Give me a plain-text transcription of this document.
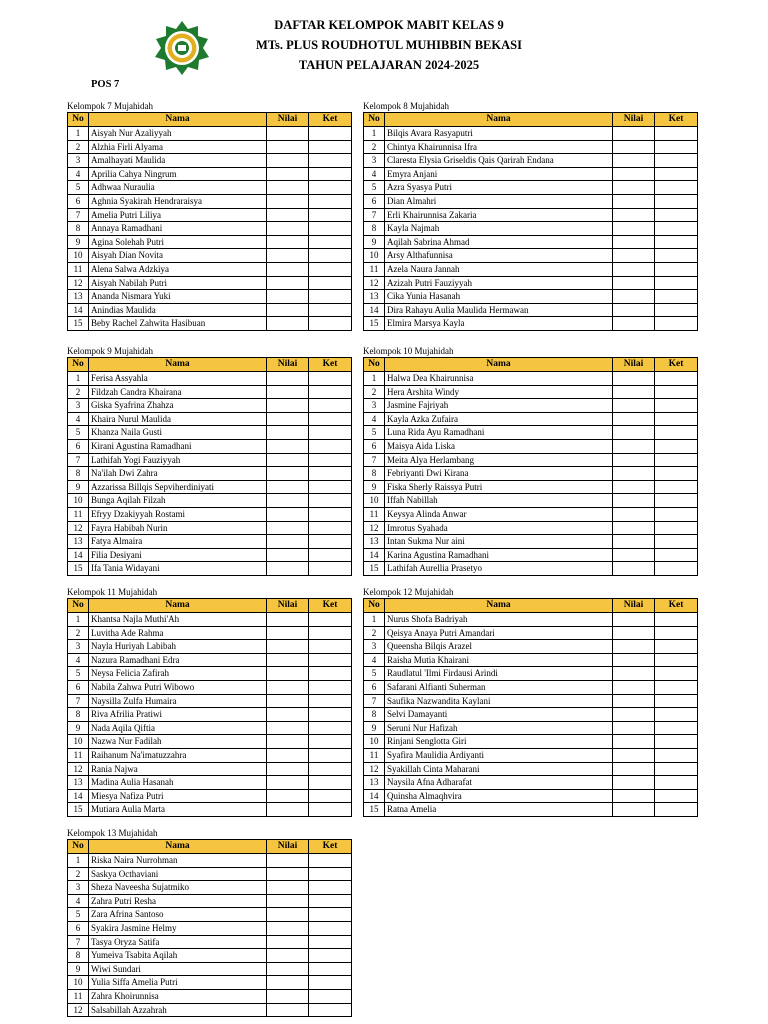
DAFTAR KELOMPOK MABIT KELAS 9
MTs. PLUS ROUDHOTUL MUHIBBIN BEKASI
TAHUN PELAJARAN 2024-2025
POS 7
Kelompok 7 Mujahidah
No	Nama	Nilai	Ket
1	Aisyah Nur Azaliyyah		
2	Alzhia Firli Alyama		
3	Amalhayati Maulida		
4	Aprilia Cahya Ningrum		
5	Adhwaa Nuraulia		
6	Aghnia Syakirah Hendraraisya		
7	Amelia Putri Liliya		
8	Annaya Ramadhani		
9	Agina Solehah Putri		
10	Aisyah Dian Novita		
11	Alena Salwa Adzkiya		
12	Aisyah Nabilah Putri		
13	Ananda Nismara Yuki		
14	Anindias Maulida		
15	Beby Rachel Zahwita Hasibuan		
Kelompok 8 Mujahidah
No	Nama	Nilai	Ket
1	Bilqis Avara Rasyaputri		
2	Chintya Khairunnisa Ifra		
3	Claresta Elysia Griseldis Qais Qarirah Endana		
4	Emyra Anjani		
5	Azra Syasya Putri		
6	Dian Almahri		
7	Erli Khairunnisa Zakaria		
8	Kayla Najmah		
9	Aqilah Sabrina Ahmad		
10	Arsy Althafunnisa		
11	Azela Naura Jannah		
12	Azizah Putri Fauziyyah		
13	Cika Yunia Hasanah		
14	Dira Rahayu Aulia Maulida Hermawan		
15	Elmira Marsya Kayla		
Kelompok 9 Mujahidah
No	Nama	Nilai	Ket
1	Ferisa Assyahla		
2	Fildzah Candra Khairana		
3	Giska Syafrina Zhahza		
4	Khaira Nurul Maulida		
5	Khanza Naila Gusti		
6	Kirani Agustina Ramadhani		
7	Lathifah Yogi Fauziyyah		
8	Na'ilah Dwi Zahra		
9	Azzarissa Billqis Sepviherdiniyati		
10	Bunga Aqilah Filzah		
11	Efryy Dzakiyyah Rostami		
12	Fayra Habibah Nurin		
13	Fatya Almaira		
14	Filia Desiyani		
15	Ifa Tania Widayani		
Kelompok 10 Mujahidah
No	Nama	Nilai	Ket
1	Halwa Dea Khairunnisa		
2	Hera Arshita Windy		
3	Jasmine Fajriyah		
4	Kayla Azka Zufaira		
5	Luna Rida Ayu Ramadhani		
6	Maisya Aida Liska		
7	Meita Alya Herlambang		
8	Febriyanti Dwi Kirana		
9	Fiska Sherly Raissya Putri		
10	Iffah Nabillah		
11	Keysya Alinda Anwar		
12	Imrotus Syahada		
13	Intan Sukma Nur aini		
14	Karina Agustina Ramadhani		
15	Lathifah Aurellia Prasetyo		
Kelompok 11 Mujahidah
No	Nama	Nilai	Ket
1	Khantsa Najla Muthi'Ah		
2	Luvitha Ade Rahma		
3	Nayla Huriyah Labibah		
4	Nazura Ramadhani Edra		
5	Neysa Felicia Zafirah		
6	Nabila Zahwa Putri Wibowo		
7	Naysilla Zulfa Humaira		
8	Riva Afrilia Pratiwi		
9	Nada Aqila Qiftia		
10	Nazwa Nur Fadilah		
11	Raihanum Na'imatuzzahra		
12	Rania Najwa		
13	Madina Aulia Hasanah		
14	Miesya Nafiza Putri		
15	Mutiara Aulia Marta		
Kelompok 12 Mujahidah
No	Nama	Nilai	Ket
1	Nurus Shofa Badriyah		
2	Qeisya Anaya Putri Amandari		
3	Queensha Bilqis Arazel		
4	Raisha Mutia Khairani		
5	Raudlatul 'Ilmi Firdausi Arindi		
6	Safarani Alfianti Suherman		
7	Saufika Nazwandita Kaylani		
8	Selvi Damayanti		
9	Seruni Nur Hafizah		
10	Rinjani Senglotta Giri		
11	Syafira Maulidia Ardiyanti		
12	Syakillah Cinta Maharani		
13	Naysila Afna Adharafat		
14	Quinsha Almaqhvira		
15	Ratna Amelia		
Kelompok 13 Mujahidah
No	Nama	Nilai	Ket
1	Riska Naira Nurrohman		
2	Saskya Octhaviani		
3	Sheza Naveesha Sujatmiko		
4	Zahra Putri Resha		
5	Zara Afrina Santoso		
6	Syakira Jasmine Helmy		
7	Tasya Oryza Satifa		
8	Yumeiva Tsabita Aqilah		
9	Wiwi Sundari		
10	Yulia Siffa Amelia Putri		
11	Zahra Khoirunnisa		
12	Salsabillah Azzahrah		
